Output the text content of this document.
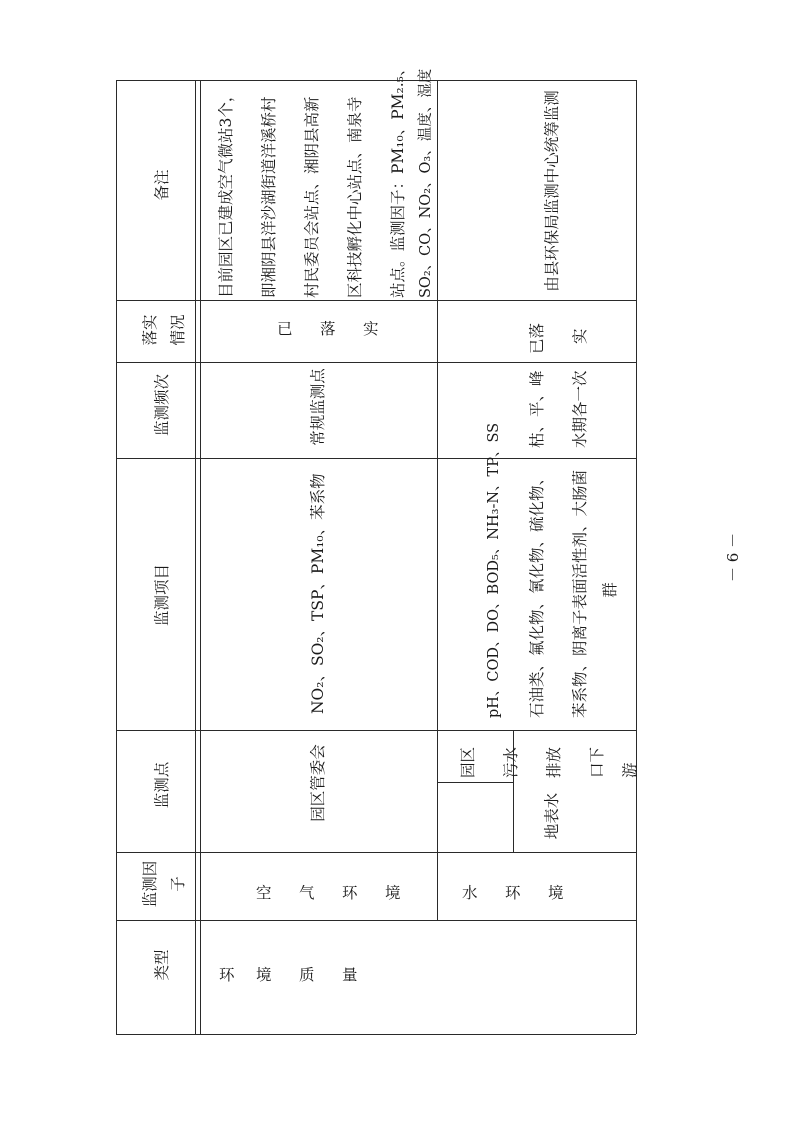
类型
监测因 子
监测点
监测项目
监测频次
落实 情况
备注
环 境 质 量
空 气 环 境
园区管委会
NO₂、SO₂、TSP、PM₁₀、苯系物
常规监测点
已 落 实
目前园区已建成空气微站3个， 即湘阴县洋沙湖街道洋溪桥村 村民委员会站点、湘阴县高新 区科技孵化中心站点、南泉寺 站点。监测因子：PM₁₀、PM₂.₅、 SO₂、CO、NO₂、O₃、温度、湿度
水 环 境
园区 污水 排放 口下 游
地表水
pH、COD、DO、BOD₅、NH₃-N、TP、SS 石油类、氟化物、氰化物、硫化物、 苯系物、阴离子表面活性剂、大肠菌 群
枯、平、峰 水期各一次
已落 实
由县环保局监测中心统筹监测
－ 6 －
